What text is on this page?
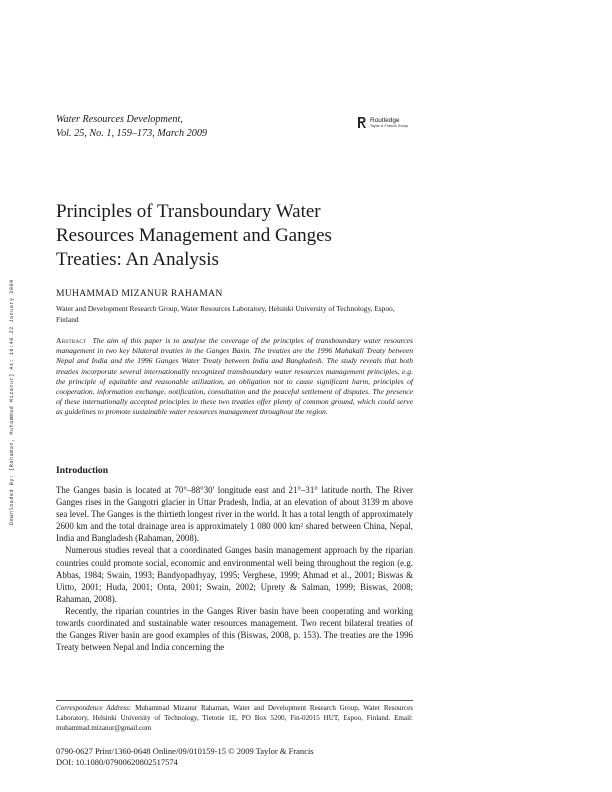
Water Resources Development,
Vol. 25, No. 1, 159–173, March 2009
Routledge
Taylor & Francis Group
Downloaded By: [Rahaman, Muhammad Mizanur] At: 16:40 22 January 2009
Principles of Transboundary Water
Resources Management and Ganges
Treaties: An Analysis
MUHAMMAD MIZANUR RAHAMAN
Water and Development Research Group, Water Resources Laboratory, Helsinki University of Technology, Espoo, Finland
Abstract The aim of this paper is to analyse the coverage of the principles of transboundary water resources management in two key bilateral treaties in the Ganges Basin. The treaties are the 1996 Mahakali Treaty between Nepal and India and the 1996 Ganges Water Treaty between India and Bangladesh. The study reveals that both treaties incorporate several internationally recognized transboundary water resources management principles, e.g. the principle of equitable and reasonable utilization, an obligation not to cause significant harm, principles of cooperation, information exchange, notification, consultation and the peaceful settlement of disputes. The presence of these internationally accepted principles in these two treaties offer plenty of common ground, which could serve as guidelines to promote sustainable water resources management throughout the region.
Introduction

The Ganges basin is located at 70°–88°30' longitude east and 21°–31° latitude north. The River Ganges rises in the Gangotri glacier in Uttar Pradesh, India, at an elevation of about 3139 m above sea level. The Ganges is the thirtieth longest river in the world. It has a total length of approximately 2600 km and the total drainage area is approximately 1 080 000 km² shared between China, Nepal, India and Bangladesh (Rahaman, 2008).

Numerous studies reveal that a coordinated Ganges basin management approach by the riparian countries could promote social, economic and environmental well being throughout the region (e.g. Abbas, 1984; Swain, 1993; Bandyopadhyay, 1995; Verghese, 1999; Ahmad et al., 2001; Biswas & Uitto, 2001; Huda, 2001; Onta, 2001; Swain, 2002; Uprety & Salman, 1999; Biswas, 2008; Rahaman, 2008).

Recently, the riparian countries in the Ganges River basin have been cooperating and working towards coordinated and sustainable water resources management. Two recent bilateral treaties of the Ganges River basin are good examples of this (Biswas, 2008, p. 153). The treaties are the 1996 Treaty between Nepal and India concerning the

Correspondence Address: Muhammad Mizanur Rahaman, Water and Development Research Group, Water Resources Laboratory, Helsinki University of Technology, Tietotie 1E, PO Box 5200, Fin-02015 HUT, Espoo, Finland. Email: muhammad.mizanur@gmail.com
0790-0627 Print/1360-0648 Online/09/010159-15 © 2009 Taylor & Francis
DOI: 10.1080/07900620802517574
